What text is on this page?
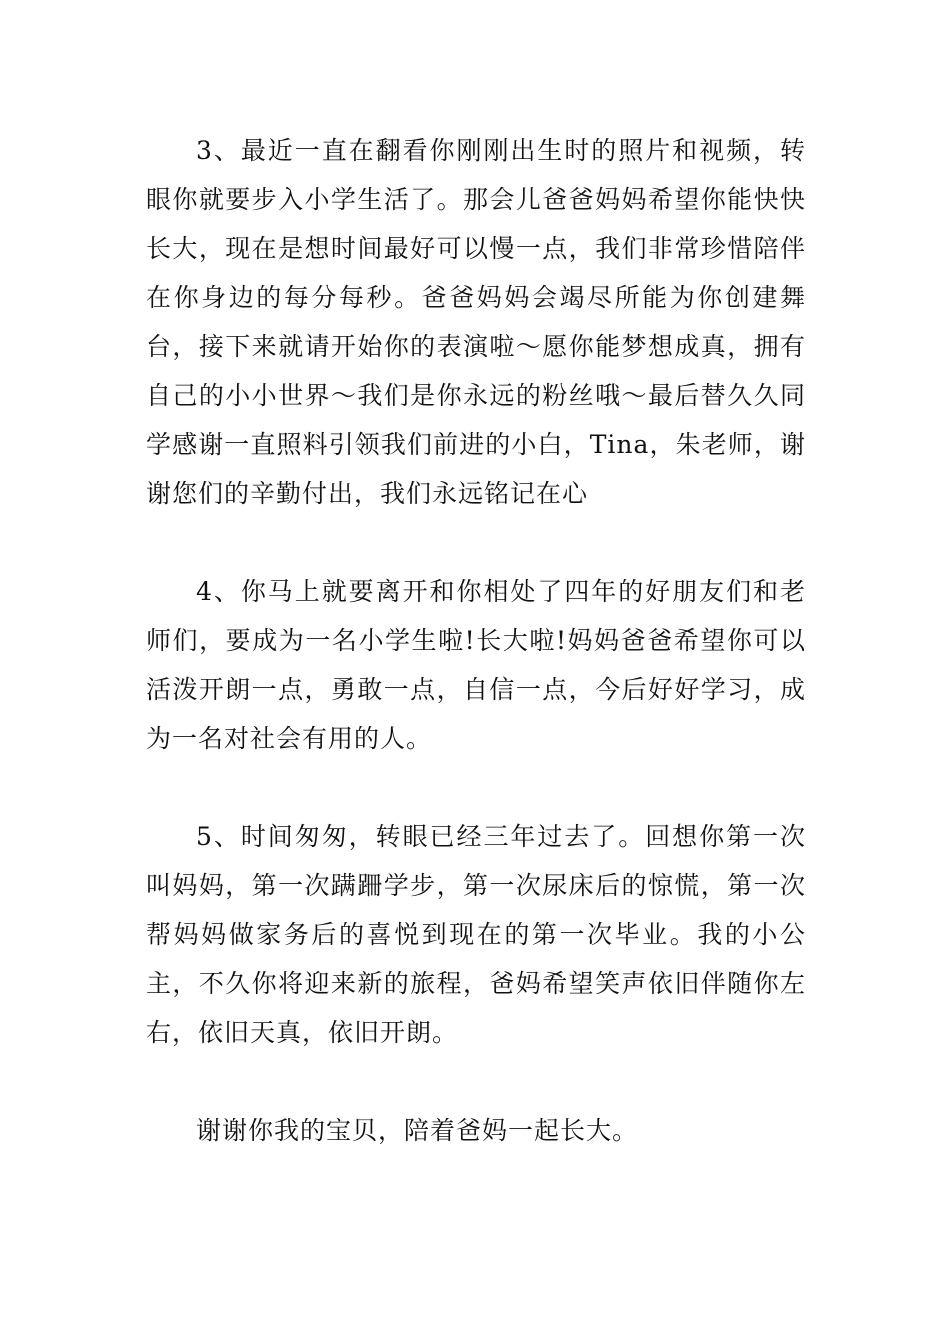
3、最近一直在翻看你刚刚出生时的照片和视频，转眼你就要步入小学生活了。那会儿爸爸妈妈希望你能快快长大，现在是想时间最好可以慢一点，我们非常珍惜陪伴在你身边的每分每秒。爸爸妈妈会竭尽所能为你创建舞台，接下来就请开始你的表演啦～愿你能梦想成真，拥有自己的小小世界～我们是你永远的粉丝哦～最后替久久同学感谢一直照料引领我们前进的小白，Tina，朱老师，谢谢您们的辛勤付出，我们永远铭记在心

4、你马上就要离开和你相处了四年的好朋友们和老师们，要成为一名小学生啦!长大啦!妈妈爸爸希望你可以活泼开朗一点，勇敢一点，自信一点，今后好好学习，成为一名对社会有用的人。

5、时间匆匆，转眼已经三年过去了。回想你第一次叫妈妈，第一次蹒跚学步，第一次尿床后的惊慌，第一次帮妈妈做家务后的喜悦到现在的第一次毕业。我的小公主，不久你将迎来新的旅程，爸妈希望笑声依旧伴随你左右，依旧天真，依旧开朗。

谢谢你我的宝贝，陪着爸妈一起长大。
